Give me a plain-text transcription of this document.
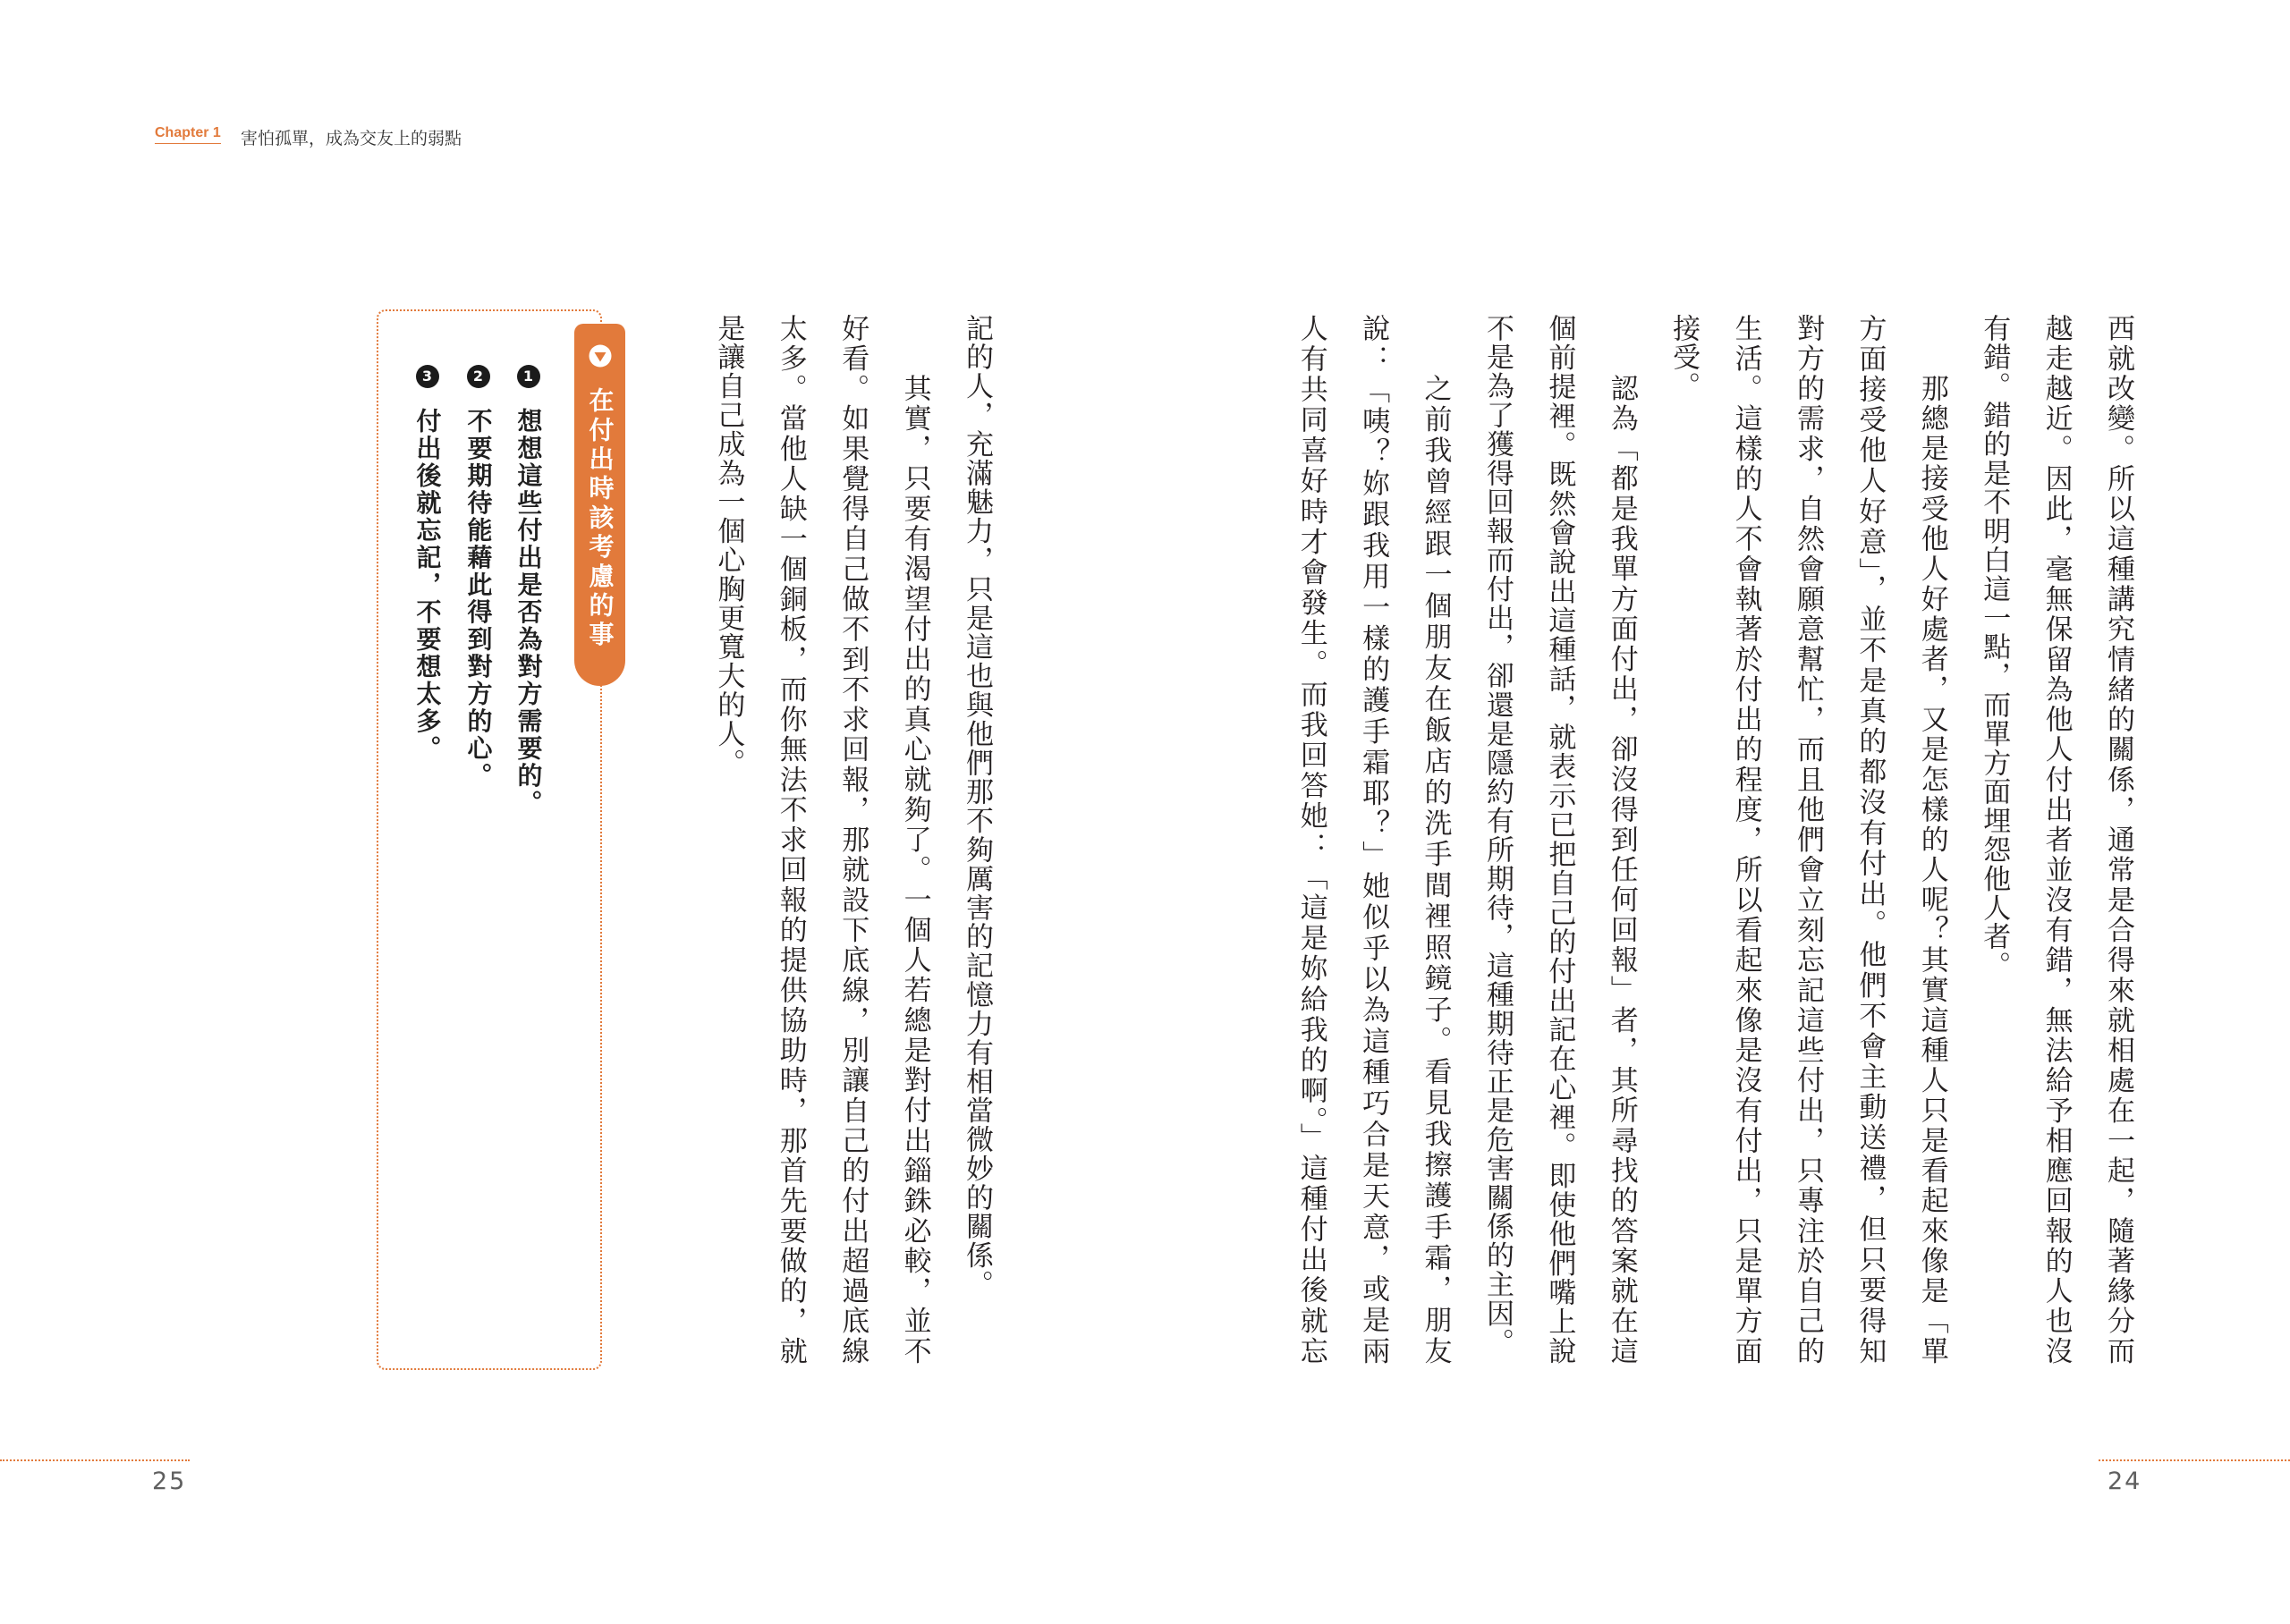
Chapter 1 害怕孤單，成為交友上的弱點
在付出時該考慮的事
1
想想這些付出是否為對方需要的。
2
不要期待能藉此得到對方的心。
3
付出後就忘記，不要想太多。	記的人，充滿魅力，只是這也與他們那不夠厲害的記憶力有相當微妙的關係。
其實，只要有渴望付出的真心就夠了。一個人若總是對付出錙銖必較，並不
好看。如果覺得自己做不到不求回報，那就設下底線，別讓自己的付出超過底線
太多。當他人缺一個銅板，而你無法不求回報的提供協助時，那首先要做的，就
是讓自己成為一個心胸更寬大的人。
25
西就改變。所以這種講究情緒的關係，通常是合得來就相處在一起，隨著緣分而
越走越近。因此，毫無保留為他人付出者並沒有錯，無法給予相應回報的人也沒
有錯。錯的是不明白這一點，而單方面埋怨他人者。
那總是接受他人好處者，又是怎樣的人呢？其實這種人只是看起來像是「單
方面接受他人好意」，並不是真的都沒有付出。他們不會主動送禮，但只要得知
對方的需求，自然會願意幫忙，而且他們會立刻忘記這些付出，只專注於自己的
生活。這樣的人不會執著於付出的程度，所以看起來像是沒有付出，只是單方面
接受。
認為「都是我單方面付出，卻沒得到任何回報」者，其所尋找的答案就在這
個前提裡。既然會說出這種話，就表示已把自己的付出記在心裡。即使他們嘴上說
不是為了獲得回報而付出，卻還是隱約有所期待，這種期待正是危害關係的主因。
之前我曾經跟一個朋友在飯店的洗手間裡照鏡子。看見我擦護手霜，朋友
說：「咦？妳跟我用一樣的護手霜耶？」她似乎以為這種巧合是天意，或是兩
人有共同喜好時才會發生。而我回答她：「這是妳給我的啊。」這種付出後就忘
24
